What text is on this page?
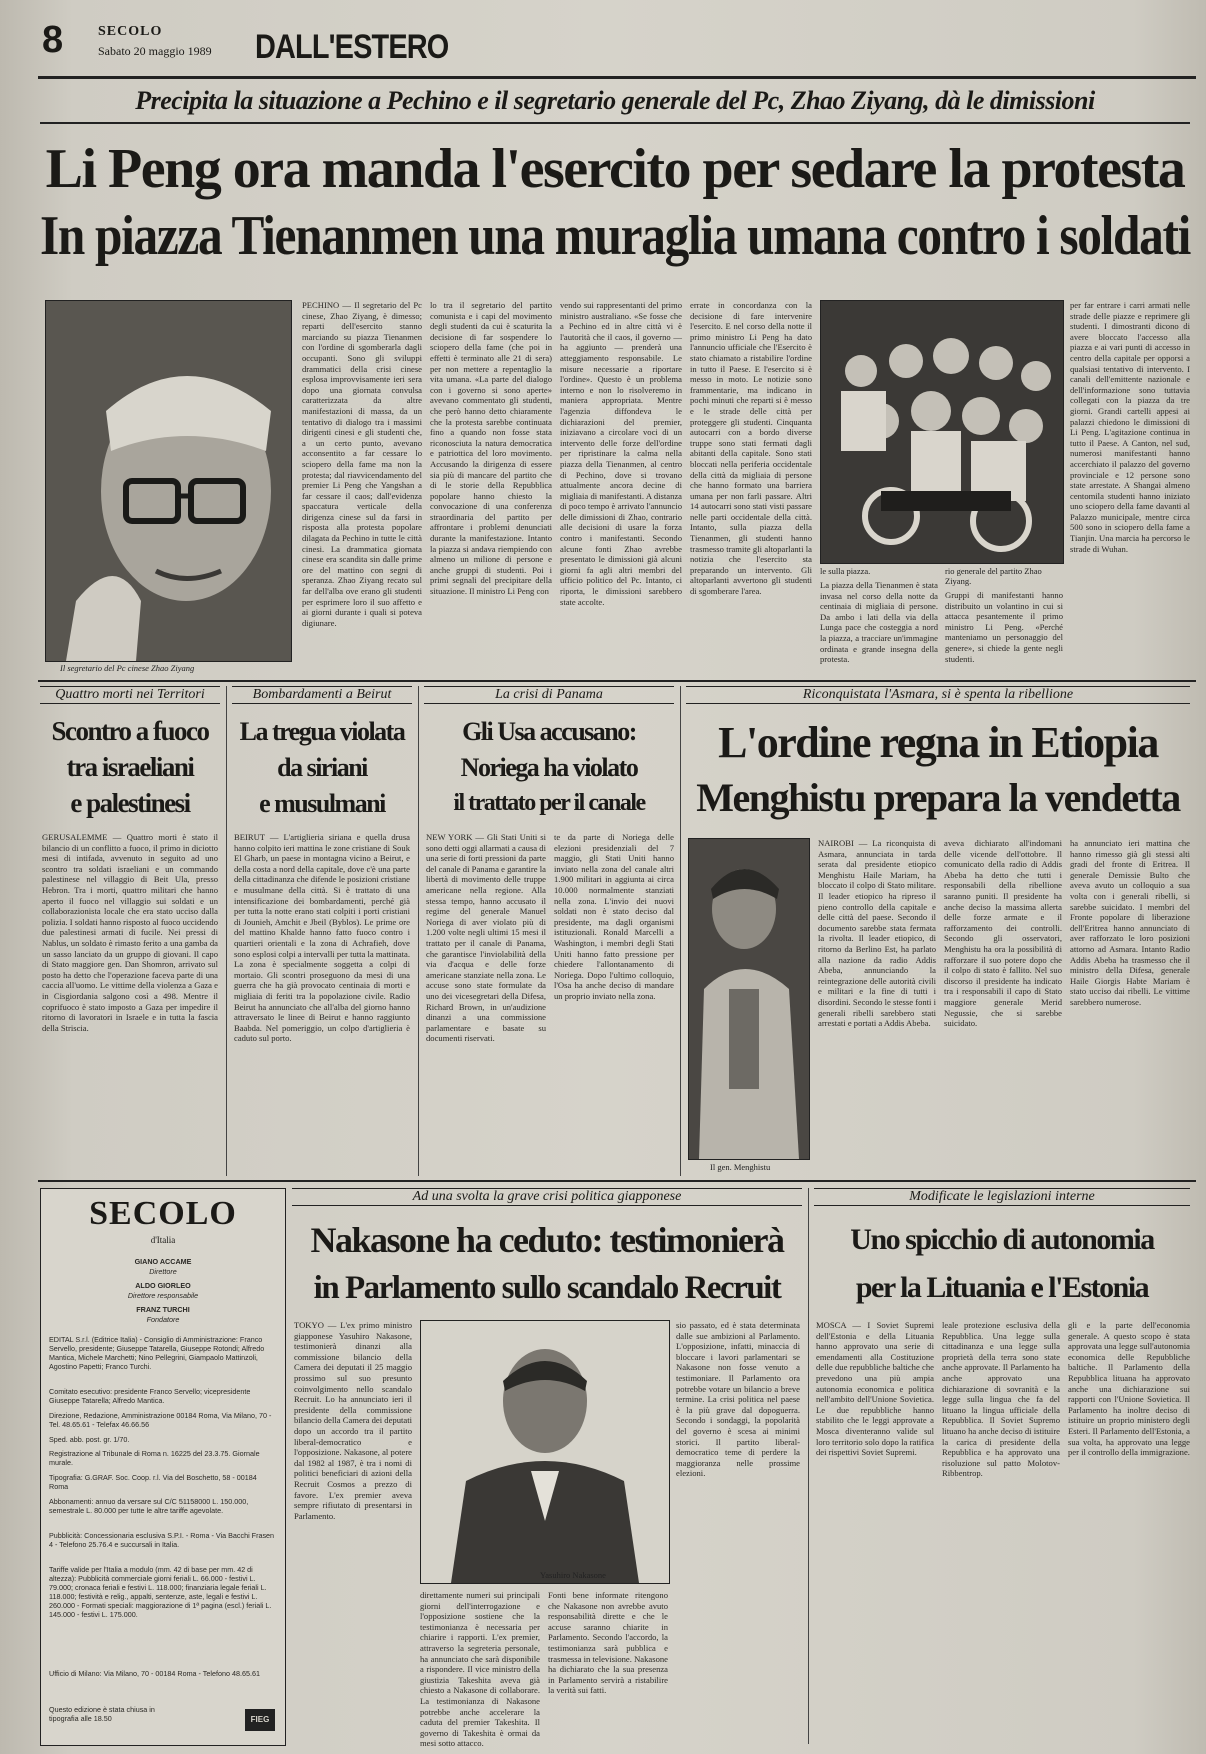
8 SECOLO
Sabato 20 maggio 1989 DALL'ESTERO
Precipita la situazione a Pechino e il segretario generale del Pc, Zhao Ziyang, dà le dimissioni
Li Peng ora manda l'esercito per sedare la protesta
In piazza Tienanmen una muraglia umana contro i soldati
Il segretario del Pc cinese Zhao Ziyang
PECHINO — Il segretario del Pc cinese, Zhao Ziyang, è dimesso; reparti dell'esercito stanno marciando su piazza Tienanmen con l'ordine di sgomberarla dagli occupanti. Sono gli sviluppi drammatici della crisi cinese esplosa improvvisamente ieri sera dopo una giornata convulsa caratterizzata da altre manifestazioni di massa, da un tentativo di dialogo tra i massimi dirigenti cinesi e gli studenti che, a un certo punto, avevano acconsentito a far cessare lo sciopero della fame ma non la protesta; dal riavvicendamento del premier Li Peng che Yangshan a far cessare il caos; dall'evidenza spaccatura verticale della dirigenza cinese sul da farsi in risposta alla protesta popolare dilagata da Pechino in tutte le città cinesi. La drammatica giornata cinese era scandita sin dalle prime ore del mattino con segni di speranza. Zhao Ziyang recato sul far dell'alba ove erano gli studenti per esprimere loro il suo affetto e ai giorni durante i quali si poteva digiunare.
lo tra il segretario del partito comunista e i capi del movimento degli studenti da cui è scaturita la decisione di far sospendere lo sciopero della fame (che poi in effetti è terminato alle 21 di sera) per non mettere a repentaglio la vita umana. «La parte del dialogo con i governo si sono aperte» avevano commentato gli studenti, che però hanno detto chiaramente che la protesta sarebbe continuata fino a quando non fosse stata riconosciuta la natura democratica e patriottica del loro movimento. Accusando la dirigenza di essere sia più di mancare del partito che di le storie della Repubblica popolare hanno chiesto la convocazione di una conferenza straordinaria del partito per affrontare i problemi denunciati durante la manifestazione. Intanto la piazza si andava riempiendo con almeno un milione di persone e anche gruppi di studenti. Poi i primi segnali del precipitare della situazione. Il ministro Li Peng con
vendo sui rappresentanti del primo ministro australiano. «Se fosse che a Pechino ed in altre città vi è l'autorità che il caos, il governo — ha aggiunto — prenderà una atteggiamento responsabile. Le misure necessarie a riportare l'ordine». Questo è un problema interno e non lo risolveremo in maniera appropriata. Mentre l'agenzia diffondeva le dichiarazioni del premier, iniziavano a circolare voci di un intervento delle forze dell'ordine per ripristinare la calma nella piazza della Tienanmen, al centro di Pechino, dove si trovano attualmente ancora decine di migliaia di manifestanti. A distanza di poco tempo è arrivato l'annuncio delle dimissioni di Zhao, contrario alle decisioni di usare la forza contro i manifestanti. Secondo alcune fonti Zhao avrebbe presentato le dimissioni già alcuni giorni fa agli altri membri del ufficio politico del Pc. Intanto, ci riporta, le dimissioni sarebbero state accolte.
errate in concordanza con la decisione di fare intervenire l'esercito. E nel corso della notte il primo ministro Li Peng ha dato l'annuncio ufficiale che l'Esercito è stato chiamato a ristabilire l'ordine in tutto il Paese. E l'esercito si è messo in moto. Le notizie sono frammentarie, ma indicano in pochi minuti che reparti si è messo e le strade delle città per proteggere gli studenti. Cinquanta autocarri con a bordo diverse truppe sono stati fermati dagli abitanti della capitale. Sono stati bloccati nella periferia occidentale della città da migliaia di persone che hanno formato una barriera umana per non farli passare. Altri 14 autocarri sono stati visti passare nelle parti occidentale della città. Intanto, sulla piazza della Tienanmen, gli studenti hanno trasmesso tramite gli altoparlanti la notizia che l'esercito sta preparando un intervento. Gli altoparlanti avvertono gli studenti di sgomberare l'area.
le sulla piazza.
La piazza della Tienanmen è stata invasa nel corso della notte da centinaia di migliaia di persone. Da ambo i lati della via della Lunga pace che costeggia a nord la piazza, a tracciare un'immagine ordinata e grande insegna della protesta.
rio generale del partito Zhao Ziyang.
Gruppi di manifestanti hanno distribuito un volantino in cui si attacca pesantemente il primo ministro Li Peng. «Perché manteniamo un personaggio del genere», si chiede la gente negli studenti.
per far entrare i carri armati nelle strade delle piazze e reprimere gli studenti. I dimostranti dicono di avere bloccato l'accesso alla piazza e ai vari punti di accesso in centro della capitale per opporsi a qualsiasi tentativo di intervento. I canali dell'emittente nazionale e dell'informazione sono tuttavia collegati con la piazza da tre giorni. Grandi cartelli appesi ai palazzi chiedono le dimissioni di Li Peng. L'agitazione continua in tutto il Paese. A Canton, nel sud, numerosi manifestanti hanno accerchiato il palazzo del governo provinciale e 12 persone sono state arrestate. A Shangai almeno centomila studenti hanno iniziato uno sciopero della fame davanti al Palazzo municipale, mentre circa 500 sono in sciopero della fame a Tianjin. Una marcia ha percorso le strade di Wuhan.
Quattro morti nei Territori
Scontro a fuoco
tra israeliani
e palestinesi
GERUSALEMME — Quattro morti è stato il bilancio di un conflitto a fuoco, il primo in diciotto mesi di intifada, avvenuto in seguito ad uno scontro tra soldati israeliani e un commando palestinese nel villaggio di Beit Ula, presso Hebron. Tra i morti, quattro militari che hanno aperto il fuoco nel villaggio sui soldati e un collaborazionista locale che era stato ucciso dalla polizia. I soldati hanno risposto al fuoco uccidendo due palestinesi armati di fucile. Nei pressi di Nablus, un soldato è rimasto ferito a una gamba da un sasso lanciato da un gruppo di giovani. Il capo di Stato maggiore gen. Dan Shomron, arrivato sul posto ha detto che l'operazione faceva parte di una caccia all'uomo. Le vittime della violenza a Gaza e in Cisgiordania salgono così a 498. Mentre il coprifuoco è stato imposto a Gaza per impedire il ritorno di lavoratori in Israele e in tutta la fascia della Striscia.
Bombardamenti a Beirut
La tregua violata
da siriani
e musulmani
BEIRUT — L'artiglieria siriana e quella drusa hanno colpito ieri mattina le zone cristiane di Souk El Gharb, un paese in montagna vicino a Beirut, e della costa a nord della capitale, dove c'è una parte della cittadinanza che difende le posizioni cristiane e musulmane della città. Si è trattato di una intensificazione dei bombardamenti, perché già per tutta la notte erano stati colpiti i porti cristiani di Jounieh, Amchit e Jbeil (Byblos). Le prime ore del mattino Khalde hanno fatto fuoco contro i quartieri orientali e la zona di Achrafieh, dove sono esplosi colpi a intervalli per tutta la mattinata. La zona è specialmente soggetta a colpi di mortaio. Gli scontri proseguono da mesi di una guerra che ha già provocato centinaia di morti e migliaia di feriti tra la popolazione civile. Radio Beirut ha annunciato che all'alba del giorno hanno attraversato le linee di Beirut e hanno raggiunto Baabda. Nel pomeriggio, un colpo d'artiglieria è caduto sul porto.
La crisi di Panama
Gli Usa accusano:
Noriega ha violato
il trattato per il canale
NEW YORK — Gli Stati Uniti si sono detti oggi allarmati a causa di una serie di forti pressioni da parte del canale di Panama e garantire la libertà di movimento delle truppe americane nella regione. Alla stessa tempo, hanno accusato il regime del generale Manuel Noriega di aver violato più di 1.200 volte negli ultimi 15 mesi il trattato per il canale di Panama, che garantisce l'inviolabilità della via d'acqua e delle forze americane stanziate nella zona. Le accuse sono state formulate da uno dei vicesegretari della Difesa, Richard Brown, in un'audizione dinanzi a una commissione parlamentare e basate su documenti riservati.
te da parte di Noriega delle elezioni presidenziali del 7 maggio, gli Stati Uniti hanno inviato nella zona del canale altri 1.900 militari in aggiunta ai circa 10.000 normalmente stanziati nella zona. L'invio dei nuovi soldati non è stato deciso dal presidente, ma dagli organismi istituzionali. Ronald Marcelli a Washington, i membri degli Stati Uniti hanno fatto pressione per chiedere l'allontanamento di Noriega. Dopo l'ultimo colloquio, l'Osa ha anche deciso di mandare un proprio inviato nella zona.
Riconquistata l'Asmara, si è spenta la ribellione
L'ordine regna in Etiopia
Menghistu prepara la vendetta
Il gen. Menghistu
NAIROBI — La riconquista di Asmara, annunciata in tarda serata dal presidente etiopico Menghistu Haile Mariam, ha bloccato il colpo di Stato militare. Il leader etiopico ha ripreso il pieno controllo della capitale e delle città del paese. Secondo il documento sarebbe stata fermata la rivolta. Il leader etiopico, di ritorno da Berlino Est, ha parlato alla nazione da radio Addis Abeba, annunciando la reintegrazione delle autorità civili e militari e la fine di tutti i disordini. Secondo le stesse fonti i generali ribelli sarebbero stati arrestati e portati a Addis Abeba.
aveva dichiarato all'indomani delle vicende dell'ottobre. Il comunicato della radio di Addis Abeba ha detto che tutti i responsabili della ribellione saranno puniti. Il presidente ha anche deciso la massima allerta delle forze armate e il rafforzamento dei controlli. Secondo gli osservatori, Menghistu ha ora la possibilità di rafforzare il suo potere dopo che il colpo di stato è fallito. Nel suo discorso il presidente ha indicato tra i responsabili il capo di Stato maggiore generale Merid Negussie, che si sarebbe suicidato.
ha annunciato ieri mattina che hanno rimesso già gli stessi alti gradi del fronte di Eritrea. Il generale Demissie Bulto che aveva avuto un colloquio a sua volta con i generali ribelli, si sarebbe suicidato. I membri del Fronte popolare di liberazione dell'Eritrea hanno annunciato di aver rafforzato le loro posizioni attorno ad Asmara. Intanto Radio Addis Abeba ha trasmesso che il ministro della Difesa, generale Haile Giorgis Habte Mariam è stato ucciso dai ribelli. Le vittime sarebbero numerose.
SECOLO
d'Italia
GIANO ACCAME
Direttore
ALDO GIORLEO
Direttore responsabile
FRANZ TURCHI
Fondatore
EDITAL S.r.l. (Editrice Italia) - Consiglio di Amministrazione: Franco Servello, presidente; Giuseppe Tatarella, Giuseppe Rotondi; Alfredo Mantica, Michele Marchetti; Nino Pellegrini, Giampaolo Mattinzoli, Agostino Papetti; Franco Turchi.
Comitato esecutivo: presidente Franco Servello; vicepresidente Giuseppe Tatarella; Alfredo Mantica.
Direzione, Redazione, Amministrazione 00184 Roma, Via Milano, 70 - Tel. 48.65.61 - Telefax 46.66.56
Sped. abb. post. gr. 1/70.
Registrazione al Tribunale di Roma n. 16225 del 23.3.75. Giornale murale.
Tipografia: G.GRAF. Soc. Coop. r.l. Via del Boschetto, 58 - 00184 Roma
Abbonamenti: annuo da versare sul C/C 51158000 L. 150.000, semestrale L. 80.000 per tutte le altre tariffe agevolate.
Pubblicità: Concessionaria esclusiva S.P.I. - Roma - Via Bacchi Frasen 4 - Telefono 25.76.4 e succursali in Italia.
Tariffe valide per l'Italia a modulo (mm. 42 di base per mm. 42 di altezza): Pubblicità commerciale giorni feriali L. 66.000 - festivi L. 79.000; cronaca feriali e festivi L. 118.000; finanziaria legale feriali L. 118.000; festività e relig., appalti, sentenze, aste, legali e festivi L. 260.000 - Formati speciali: maggiorazione di 1ª pagina (escl.) feriali L. 145.000 - festivi L. 175.000.
Ufficio di Milano: Via Milano, 70 - 00184 Roma - Telefono 48.65.61
Questo edizione è stata chiusa in tipografia alle 18.50	FIEG
Ad una svolta la grave crisi politica giapponese
Nakasone ha ceduto: testimonierà
in Parlamento sullo scandalo Recruit
TOKYO — L'ex primo ministro giapponese Yasuhiro Nakasone, testimonierà dinanzi alla commissione bilancio della Camera dei deputati il 25 maggio prossimo sul suo presunto coinvolgimento nello scandalo Recruit. Lo ha annunciato ieri il presidente della commissione bilancio della Camera dei deputati dopo un accordo tra il partito liberal-democratico e l'opposizione. Nakasone, al potere dal 1982 al 1987, è tra i nomi di politici beneficiari di azioni della Recruit Cosmos a prezzo di favore. L'ex premier aveva sempre rifiutato di presentarsi in Parlamento.
Yasuhiro Nakasone
direttamente numeri sui principali giorni dell'interrogazione e l'opposizione sostiene che la testimonianza è necessaria per chiarire i rapporti. L'ex premier, attraverso la segreteria personale, ha annunciato che sarà disponibile a rispondere. Il vice ministro della giustizia Takeshita aveva già chiesto a Nakasone di collaborare. La testimonianza di Nakasone potrebbe anche accelerare la caduta del premier Takeshita. Il governo di Takeshita è ormai da mesi sotto attacco.
Fonti bene informate ritengono che Nakasone non avrebbe avuto responsabilità dirette e che le accuse saranno chiarite in Parlamento. Secondo l'accordo, la testimonianza sarà pubblica e trasmessa in televisione. Nakasone ha dichiarato che la sua presenza in Parlamento servirà a ristabilire la verità sui fatti.
sio passato, ed è stata determinata dalle sue ambizioni al Parlamento. L'opposizione, infatti, minaccia di bloccare i lavori parlamentari se Nakasone non fosse venuto a testimoniare. Il Parlamento ora potrebbe votare un bilancio a breve termine. La crisi politica nel paese è la più grave dal dopoguerra. Secondo i sondaggi, la popolarità del governo è scesa ai minimi storici. Il partito liberal-democratico teme di perdere la maggioranza nelle prossime elezioni.
Modificate le legislazioni interne
Uno spicchio di autonomia
per la Lituania e l'Estonia
MOSCA — I Soviet Supremi dell'Estonia e della Lituania hanno approvato una serie di emendamenti alla Costituzione delle due repubbliche baltiche che prevedono una più ampia autonomia economica e politica nell'ambito dell'Unione Sovietica. Le due repubbliche hanno stabilito che le leggi approvate a Mosca diventeranno valide sul loro territorio solo dopo la ratifica dei rispettivi Soviet Supremi.
leale protezione esclusiva della Repubblica. Una legge sulla cittadinanza e una legge sulla proprietà della terra sono state anche approvate. Il Parlamento ha anche approvato una dichiarazione di sovranità e la legge sulla lingua che fa del lituano la lingua ufficiale della Repubblica. Il Soviet Supremo lituano ha anche deciso di istituire la carica di presidente della Repubblica e ha approvato una risoluzione sul patto Molotov-Ribbentrop.
gli e la parte dell'economia generale. A questo scopo è stata approvata una legge sull'autonomia economica delle Repubbliche baltiche. Il Parlamento della Repubblica lituana ha approvato anche una dichiarazione sui rapporti con l'Unione Sovietica. Il Parlamento ha inoltre deciso di istituire un proprio ministero degli Esteri. Il Parlamento dell'Estonia, a sua volta, ha approvato una legge per il controllo della immigrazione.
